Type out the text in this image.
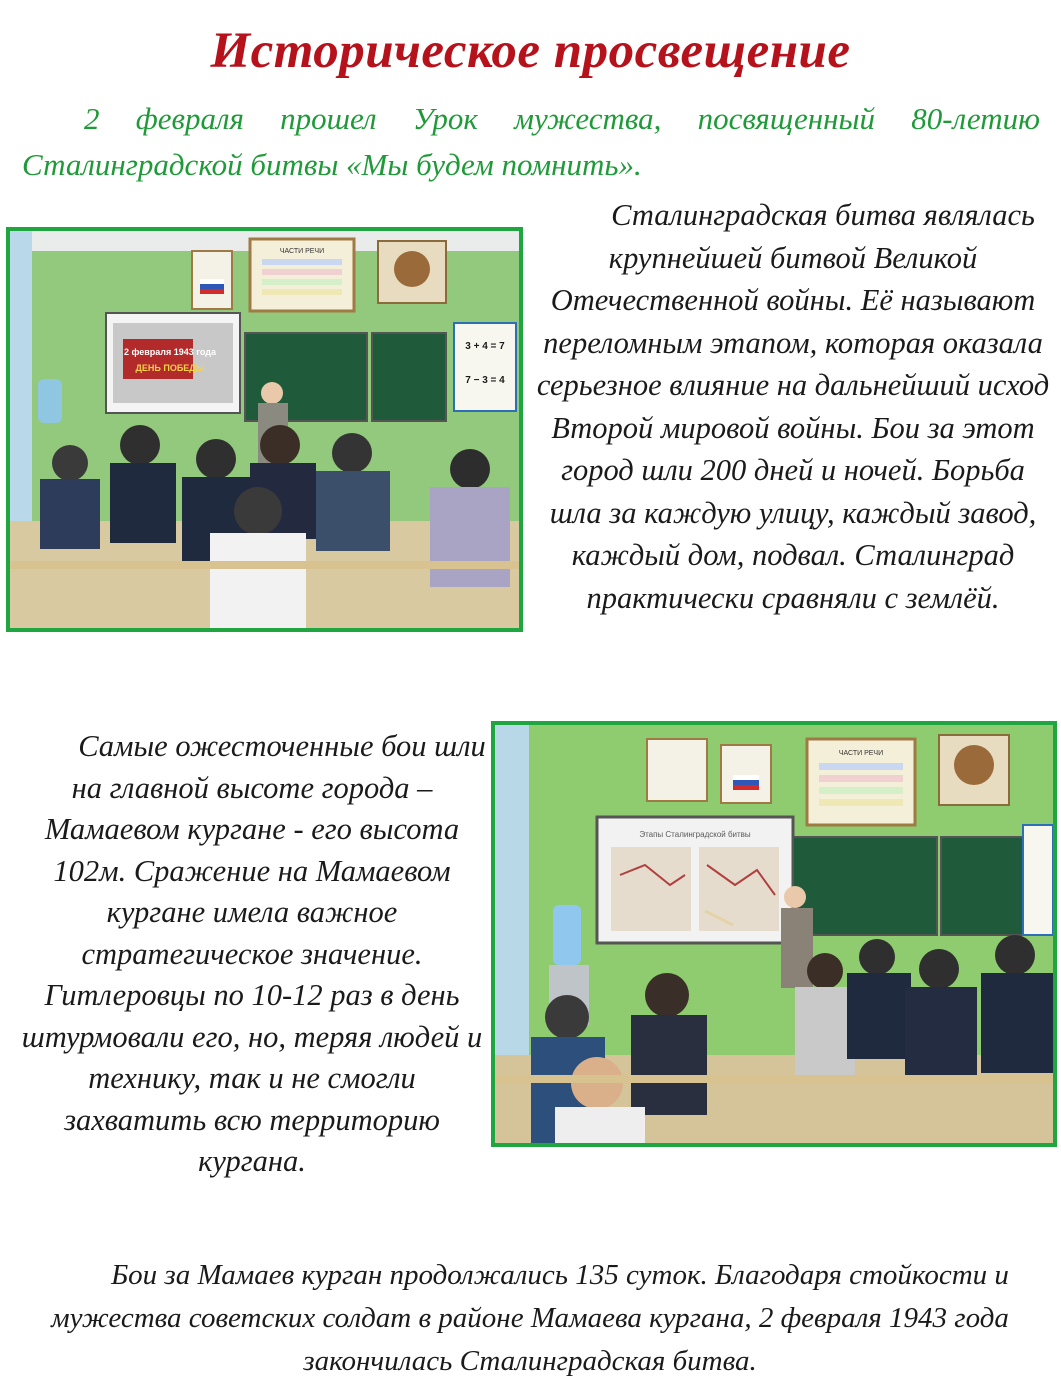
Историческое просвещение

2 февраля прошел Урок мужества, посвященный 80-летию Сталинградской битвы «Мы будем помнить».

ЧАСТИ РЕЧИ
2 февраля 1943 года
ДЕНЬ ПОБЕДЫ
3 + 4 = 7
7 − 3 = 4

Сталинградская битва являлась крупнейшей битвой Великой Отечественной войны. Её называют переломным этапом, которая оказала серьезное влияние на дальнейший исход Второй мировой войны. Бои за этот город шли 200 дней и ночей. Борьба шла за каждую улицу, каждый завод, каждый дом, подвал. Сталинград практически сравняли с землёй.

Самые ожесточенные бои шли на главной высоте города – Мамаевом кургане - его высота 102м. Сражение на Мамаевом кургане имела важное стратегическое значение. Гитлеровцы по 10-12 раз в день штурмовали его, но, теряя людей и технику, так и не смогли захватить всю территорию кургана.

ЧАСТИ РЕЧИ
Этапы Сталинградской битвы

Бои за Мамаев курган продолжались 135 суток. Благодаря стойкости и мужества советских солдат в районе Мамаева кургана, 2 февраля 1943 года закончилась Сталинградская битва.
